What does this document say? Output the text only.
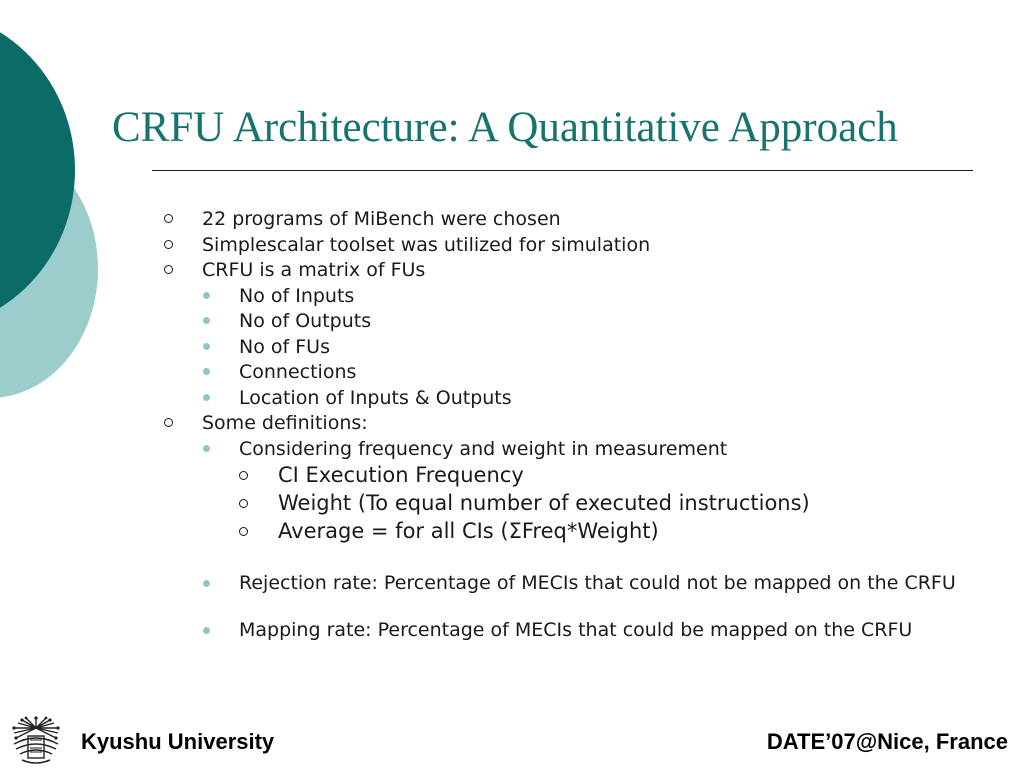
CRFU Architecture: A Quantitative Approach
22 programs of MiBench were chosen
Simplescalar toolset was utilized for simulation
CRFU is a matrix of FUs
No of Inputs
No of Outputs
No of FUs
Connections
Location of Inputs & Outputs
Some definitions:
Considering frequency and weight in measurement
CI Execution Frequency
Weight (To equal number of executed instructions)
Average = for all CIs (ΣFreq*Weight)
Rejection rate: Percentage of MECIs that could not be mapped on the CRFU
Mapping rate: Percentage of MECIs that could be mapped on the CRFU
Kyushu University	DATE’07@Nice, France
